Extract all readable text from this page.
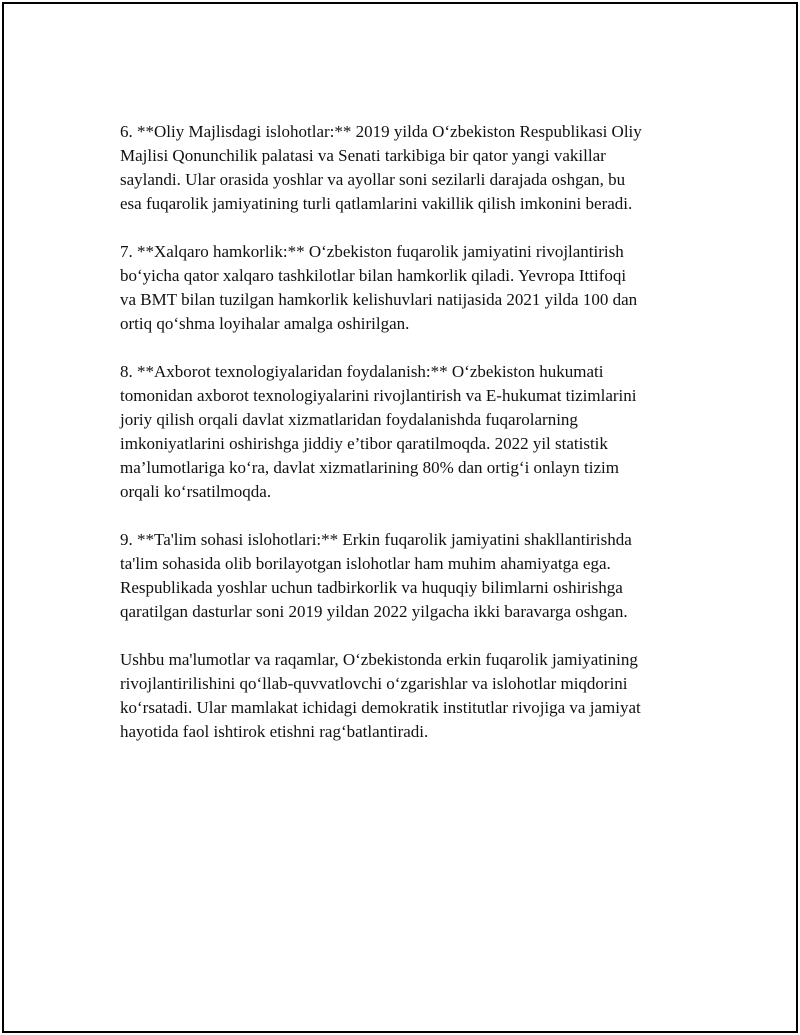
6. **Oliy Majlisdagi islohotlar:** 2019 yilda O‘zbekiston Respublikasi Oliy
Majlisi Qonunchilik palatasi va Senati tarkibiga bir qator yangi vakillar
saylandi. Ular orasida yoshlar va ayollar soni sezilarli darajada oshgan, bu
esa fuqarolik jamiyatining turli qatlamlarini vakillik qilish imkonini beradi.

7. **Xalqaro hamkorlik:** O‘zbekiston fuqarolik jamiyatini rivojlantirish
bo‘yicha qator xalqaro tashkilotlar bilan hamkorlik qiladi. Yevropa Ittifoqi
va BMT bilan tuzilgan hamkorlik kelishuvlari natijasida 2021 yilda 100 dan
ortiq qo‘shma loyihalar amalga oshirilgan.

8. **Axborot texnologiyalaridan foydalanish:** O‘zbekiston hukumati
tomonidan axborot texnologiyalarini rivojlantirish va E-hukumat tizimlarini
joriy qilish orqali davlat xizmatlaridan foydalanishda fuqarolarning
imkoniyatlarini oshirishga jiddiy e’tibor qaratilmoqda. 2022 yil statistik
ma’lumotlariga ko‘ra, davlat xizmatlarining 80% dan ortig‘i onlayn tizim
orqali ko‘rsatilmoqda.

9. **Ta'lim sohasi islohotlari:** Erkin fuqarolik jamiyatini shakllantirishda
ta'lim sohasida olib borilayotgan islohotlar ham muhim ahamiyatga ega.
Respublikada yoshlar uchun tadbirkorlik va huquqiy bilimlarni oshirishga
qaratilgan dasturlar soni 2019 yildan 2022 yilgacha ikki baravarga oshgan.

Ushbu ma'lumotlar va raqamlar, O‘zbekistonda erkin fuqarolik jamiyatining
rivojlantirilishini qo‘llab-quvvatlovchi o‘zgarishlar va islohotlar miqdorini
ko‘rsatadi. Ular mamlakat ichidagi demokratik institutlar rivojiga va jamiyat
hayotida faol ishtirok etishni rag‘batlantiradi.
